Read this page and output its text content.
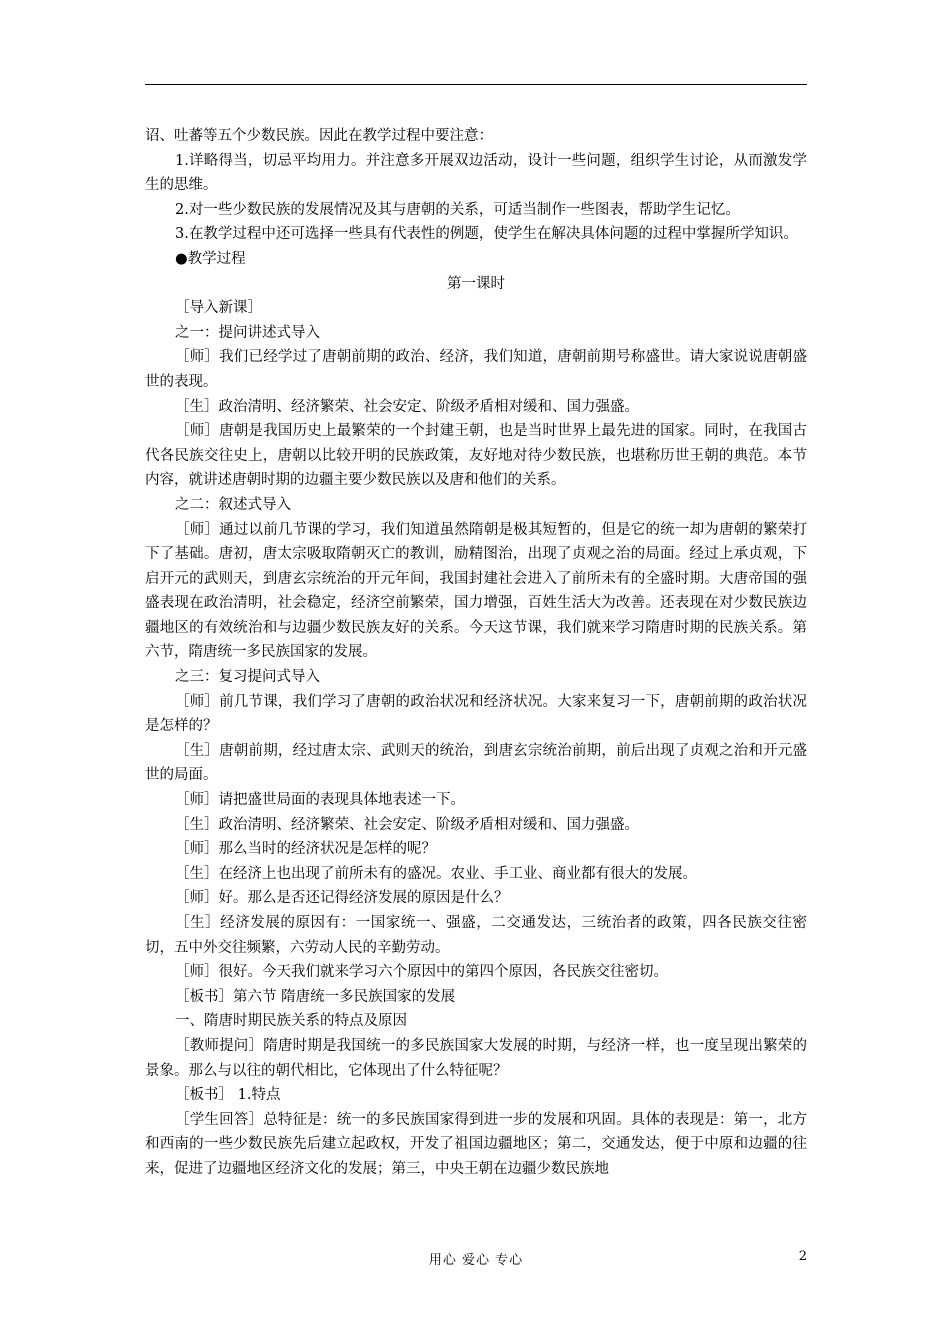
诏、吐蕃等五个少数民族。因此在教学过程中要注意：

1.详略得当，切忌平均用力。并注意多开展双边活动，设计一些问题，组织学生讨论，从而激发学生的思维。

2.对一些少数民族的发展情况及其与唐朝的关系，可适当制作一些图表，帮助学生记忆。

3.在教学过程中还可选择一些具有代表性的例题，使学生在解决具体问题的过程中掌握所学知识。

●教学过程

第一课时

［导入新课］

之一：提问讲述式导入

［师］我们已经学过了唐朝前期的政治、经济，我们知道，唐朝前期号称盛世。请大家说说唐朝盛世的表现。

［生］政治清明、经济繁荣、社会安定、阶级矛盾相对缓和、国力强盛。

［师］唐朝是我国历史上最繁荣的一个封建王朝，也是当时世界上最先进的国家。同时，在我国古代各民族交往史上，唐朝以比较开明的民族政策，友好地对待少数民族，也堪称历世王朝的典范。本节内容，就讲述唐朝时期的边疆主要少数民族以及唐和他们的关系。

之二：叙述式导入

［师］通过以前几节课的学习，我们知道虽然隋朝是极其短暂的，但是它的统一却为唐朝的繁荣打下了基础。唐初，唐太宗吸取隋朝灭亡的教训，励精图治，出现了贞观之治的局面。经过上承贞观，下启开元的武则天，到唐玄宗统治的开元年间，我国封建社会进入了前所未有的全盛时期。大唐帝国的强盛表现在政治清明，社会稳定，经济空前繁荣，国力增强，百姓生活大为改善。还表现在对少数民族边疆地区的有效统治和与边疆少数民族友好的关系。今天这节课，我们就来学习隋唐时期的民族关系。第六节，隋唐统一多民族国家的发展。

之三：复习提问式导入

［师］前几节课，我们学习了唐朝的政治状况和经济状况。大家来复习一下，唐朝前期的政治状况是怎样的？

［生］唐朝前期，经过唐太宗、武则天的统治，到唐玄宗统治前期，前后出现了贞观之治和开元盛世的局面。

［师］请把盛世局面的表现具体地表述一下。

［生］政治清明、经济繁荣、社会安定、阶级矛盾相对缓和、国力强盛。

［师］那么当时的经济状况是怎样的呢？

［生］在经济上也出现了前所未有的盛况。农业、手工业、商业都有很大的发展。

［师］好。那么是否还记得经济发展的原因是什么？

［生］经济发展的原因有：一国家统一、强盛，二交通发达，三统治者的政策，四各民族交往密切，五中外交往频繁，六劳动人民的辛勤劳动。

［师］很好。今天我们就来学习六个原因中的第四个原因，各民族交往密切。

［板书］第六节 隋唐统一多民族国家的发展

一、隋唐时期民族关系的特点及原因

［教师提问］隋唐时期是我国统一的多民族国家大发展的时期，与经济一样，也一度呈现出繁荣的景象。那么与以往的朝代相比，它体现出了什么特征呢？

［板书］ 1.特点

［学生回答］总特征是：统一的多民族国家得到进一步的发展和巩固。具体的表现是：第一，北方和西南的一些少数民族先后建立起政权，开发了祖国边疆地区；第二，交通发达，便于中原和边疆的往来，促进了边疆地区经济文化的发展；第三，中央王朝在边疆少数民族地

用心 爱心 专心	2
